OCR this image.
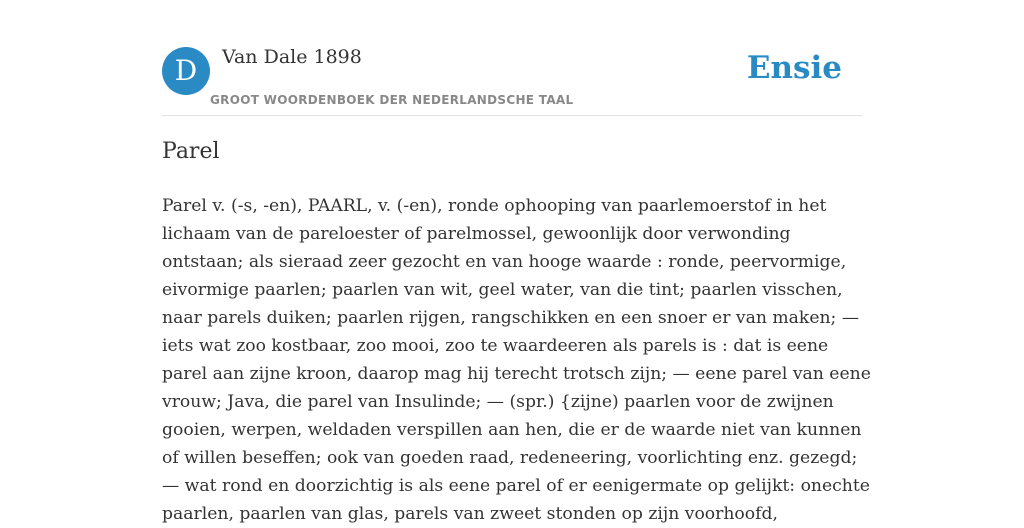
D	Van Dale 1898
GROOT WOORDENBOEK DER NEDERLANDSCHE TAAL
Ensie
Parel
Parel v. (-s, -en), PAARL, v. (-en), ronde ophooping van paarlemoerstof in het
lichaam van de pareloester of parelmossel, gewoonlijk door verwonding
ontstaan; als sieraad zeer gezocht en van hooge waarde : ronde, peervormige,
eivormige paarlen; paarlen van wit, geel water, van die tint; paarlen visschen,
naar parels duiken; paarlen rijgen, rangschikken en een snoer er van maken; —
iets wat zoo kostbaar, zoo mooi, zoo te waardeeren als parels is : dat is eene
parel aan zijne kroon, daarop mag hij terecht trotsch zijn; — eene parel van eene
vrouw; Java, die parel van Insulinde; — (spr.) {zijne) paarlen voor de zwijnen
gooien, werpen, weldaden verspillen aan hen, die er de waarde niet van kunnen
of willen beseffen; ook van goeden raad, redeneering, voorlichting enz. gezegd;
— wat rond en doorzichtig is als eene parel of er eenigermate op gelijkt: onechte
paarlen, paarlen van glas, parels van zweet stonden op zijn voorhoofd,
